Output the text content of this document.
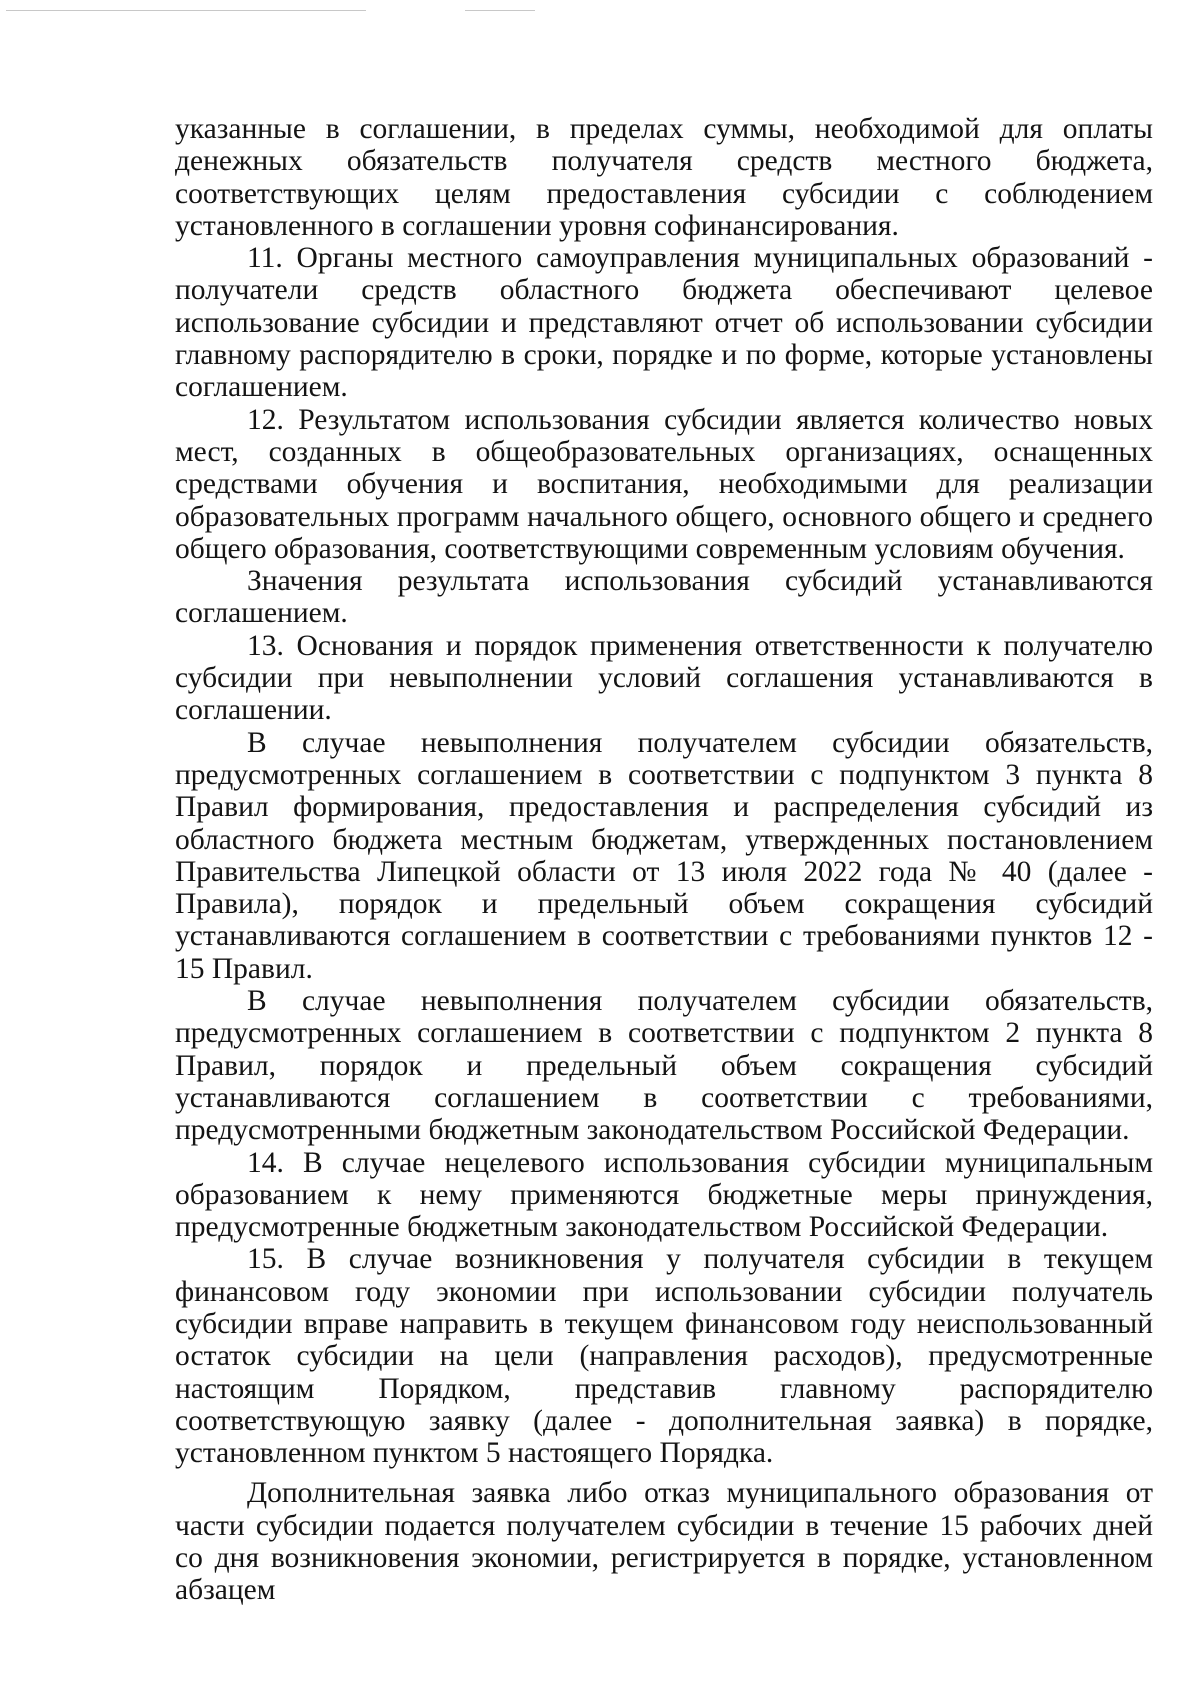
указанные в соглашении, в пределах суммы, необходимой для оплаты денежных обязательств получателя средств местного бюджета, соответствующих целям предоставления субсидии с соблюдением установленного в соглашении уровня софинансирования.

11. Органы местного самоуправления муниципальных образований - получатели средств областного бюджета обеспечивают целевое использование субсидии и представляют отчет об использовании субсидии главному распорядителю в сроки, порядке и по форме, которые установлены соглашением.

12. Результатом использования субсидии является количество новых мест, созданных в общеобразовательных организациях, оснащенных средствами обучения и воспитания, необходимыми для реализации образовательных программ начального общего, основного общего и среднего общего образования, соответствующими современным условиям обучения.

Значения результата использования субсидий устанавливаются соглашением.

13. Основания и порядок применения ответственности к получателю субсидии при невыполнении условий соглашения устанавливаются в соглашении.

В случае невыполнения получателем субсидии обязательств, предусмотренных соглашением в соответствии с подпунктом 3 пункта 8 Правил формирования, предоставления и распределения субсидий из областного бюджета местным бюджетам, утвержденных постановлением Правительства Липецкой области от 13 июля 2022 года № 40 (далее - Правила), порядок и предельный объем сокращения субсидий устанавливаются соглашением в соответствии с требованиями пунктов 12 - 15 Правил.

В случае невыполнения получателем субсидии обязательств, предусмотренных соглашением в соответствии с подпунктом 2 пункта 8 Правил, порядок и предельный объем сокращения субсидий устанавливаются соглашением в соответствии с требованиями, предусмотренными бюджетным законодательством Российской Федерации.

14. В случае нецелевого использования субсидии муниципальным образованием к нему применяются бюджетные меры принуждения, предусмотренные бюджетным законодательством Российской Федерации.

15. В случае возникновения у получателя субсидии в текущем финансовом году экономии при использовании субсидии получатель субсидии вправе направить в текущем финансовом году неиспользованный остаток субсидии на цели (направления расходов), предусмотренные настоящим Порядком, представив главному распорядителю соответствующую заявку (далее - дополнительная заявка) в порядке, установленном пунктом 5 настоящего Порядка.

Дополнительная заявка либо отказ муниципального образования от части субсидии подается получателем субсидии в течение 15 рабочих дней со дня возникновения экономии, регистрируется в порядке, установленном абзацем
